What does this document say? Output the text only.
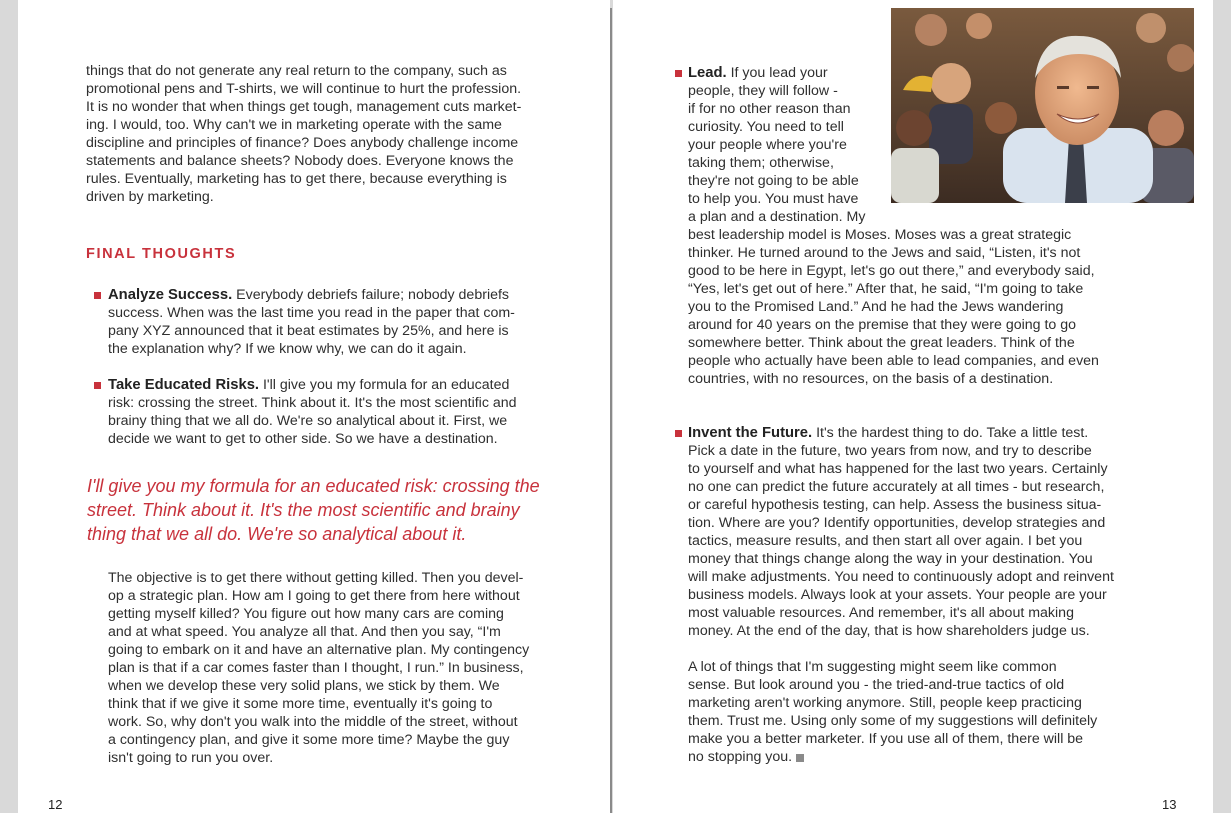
things that do not generate any real return to the company, such as
promotional pens and T-shirts, we will continue to hurt the profession.
It is no wonder that when things get tough, management cuts market-
ing. I would, too. Why can't we in marketing operate with the same
discipline and principles of finance? Does anybody challenge income
statements and balance sheets? Nobody does. Everyone knows the
rules. Eventually, marketing has to get there, because everything is
driven by marketing.

FINAL THOUGHTS

Analyze Success. Everybody debriefs failure; nobody debriefs
success. When was the last time you read in the paper that com-
pany XYZ announced that it beat estimates by 25%, and here is
the explanation why? If we know why, we can do it again.

Take Educated Risks. I'll give you my formula for an educated
risk: crossing the street. Think about it. It's the most scientific and
brainy thing that we all do. We're so analytical about it. First, we
decide we want to get to other side. So we have a destination.

I'll give you my formula for an educated risk: crossing the
street. Think about it. It's the most scientific and brainy
thing that we all do. We're so analytical about it.

The objective is to get there without getting killed. Then you devel-
op a strategic plan. How am I going to get there from here without
getting myself killed? You figure out how many cars are coming
and at what speed. You analyze all that. And then you say, “I'm
going to embark on it and have an alternative plan. My contingency
plan is that if a car comes faster than I thought, I run.” In business,
when we develop these very solid plans, we stick by them. We
think that if we give it some more time, eventually it's going to
work. So, why don't you walk into the middle of the street, without
a contingency plan, and give it some more time? Maybe the guy
isn't going to run you over.

12

Lead. If you lead your
people, they will follow -
if for no other reason than
curiosity. You need to tell
your people where you're
taking them; otherwise,
they're not going to be able
to help you. You must have
a plan and a destination. My
best leadership model is Moses. Moses was a great strategic
thinker. He turned around to the Jews and said, “Listen, it's not
good to be here in Egypt, let's go out there,” and everybody said,
“Yes, let's get out of here.” After that, he said, “I'm going to take
you to the Promised Land.” And he had the Jews wandering
around for 40 years on the premise that they were going to go
somewhere better. Think about the great leaders. Think of the
people who actually have been able to lead companies, and even
countries, with no resources, on the basis of a destination.

Invent the Future. It's the hardest thing to do. Take a little test.
Pick a date in the future, two years from now, and try to describe
to yourself and what has happened for the last two years. Certainly
no one can predict the future accurately at all times - but research,
or careful hypothesis testing, can help. Assess the business situa-
tion. Where are you? Identify opportunities, develop strategies and
tactics, measure results, and then start all over again. I bet you
money that things change along the way in your destination. You
will make adjustments. You need to continuously adopt and reinvent
business models. Always look at your assets. Your people are your
most valuable resources. And remember, it's all about making
money. At the end of the day, that is how shareholders judge us.

A lot of things that I'm suggesting might seem like common
sense. But look around you - the tried-and-true tactics of old
marketing aren't working anymore. Still, people keep practicing
them. Trust me. Using only some of my suggestions will definitely
make you a better marketer. If you use all of them, there will be
no stopping you.

13
